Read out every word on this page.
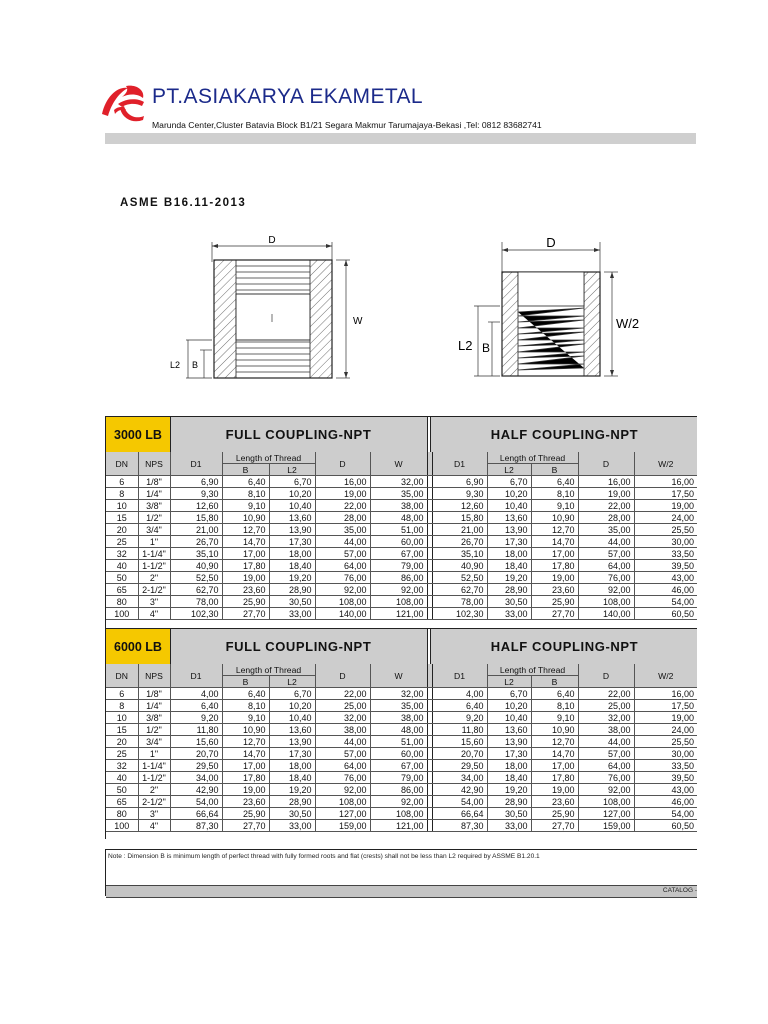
PT.ASIAKARYA EKAMETAL
Marunda Center,Cluster Batavia Block B1/21 Segara Makmur Tarumajaya-Bekasi ,Tel: 0812 83682741
ASME B16.11-2013
D
W
L2 B
D
W/2
L2 B
3000 LB	FULL COUPLING-NPT	HALF COUPLING-NPT
DN	NPS	D1	Length of Thread		D	W		D1	Length of Thread		D	W/2
			B	L2					L2	B		
6	1/8"	6,90	6,40	6,70	16,00	32,00		6,90	6,70	6,40	16,00	16,00
8	1/4"	9,30	8,10	10,20	19,00	35,00		9,30	10,20	8,10	19,00	17,50
10	3/8"	12,60	9,10	10,40	22,00	38,00		12,60	10,40	9,10	22,00	19,00
15	1/2"	15,80	10,90	13,60	28,00	48,00		15,80	13,60	10,90	28,00	24,00
20	3/4"	21,00	12,70	13,90	35,00	51,00		21,00	13,90	12,70	35,00	25,50
25	1"	26,70	14,70	17,30	44,00	60,00		26,70	17,30	14,70	44,00	30,00
32	1-1/4"	35,10	17,00	18,00	57,00	67,00		35,10	18,00	17,00	57,00	33,50
40	1-1/2"	40,90	17,80	18,40	64,00	79,00		40,90	18,40	17,80	64,00	39,50
50	2"	52,50	19,00	19,20	76,00	86,00		52,50	19,20	19,00	76,00	43,00
65	2-1/2"	62,70	23,60	28,90	92,00	92,00		62,70	28,90	23,60	92,00	46,00
80	3"	78,00	25,90	30,50	108,00	108,00		78,00	30,50	25,90	108,00	54,00
100	4"	102,30	27,70	33,00	140,00	121,00		102,30	33,00	27,70	140,00	60,50
6000 LB	FULL COUPLING-NPT	HALF COUPLING-NPT
DN	NPS	D1	Length of Thread		D	W		D1	Length of Thread		D	W/2
			B	L2					L2	B		
6	1/8"	4,00	6,40	6,70	22,00	32,00		4,00	6,70	6,40	22,00	16,00
8	1/4"	6,40	8,10	10,20	25,00	35,00		6,40	10,20	8,10	25,00	17,50
10	3/8"	9,20	9,10	10,40	32,00	38,00		9,20	10,40	9,10	32,00	19,00
15	1/2"	11,80	10,90	13,60	38,00	48,00		11,80	13,60	10,90	38,00	24,00
20	3/4"	15,60	12,70	13,90	44,00	51,00		15,60	13,90	12,70	44,00	25,50
25	1"	20,70	14,70	17,30	57,00	60,00		20,70	17,30	14,70	57,00	30,00
32	1-1/4"	29,50	17,00	18,00	64,00	67,00		29,50	18,00	17,00	64,00	33,50
40	1-1/2"	34,00	17,80	18,40	76,00	79,00		34,00	18,40	17,80	76,00	39,50
50	2"	42,90	19,00	19,20	92,00	86,00		42,90	19,20	19,00	92,00	43,00
65	2-1/2"	54,00	23,60	28,90	108,00	92,00		54,00	28,90	23,60	108,00	46,00
80	3"	66,64	25,90	30,50	127,00	108,00		66,64	30,50	25,90	127,00	54,00
100	4"	87,30	27,70	33,00	159,00	121,00		87,30	33,00	27,70	159,00	60,50
Note : Dimension B is minimum length of perfect thread with fully formed roots and flat (crests) shall not be less than L2 required by ASSME B1.20.1
CATALOG -
